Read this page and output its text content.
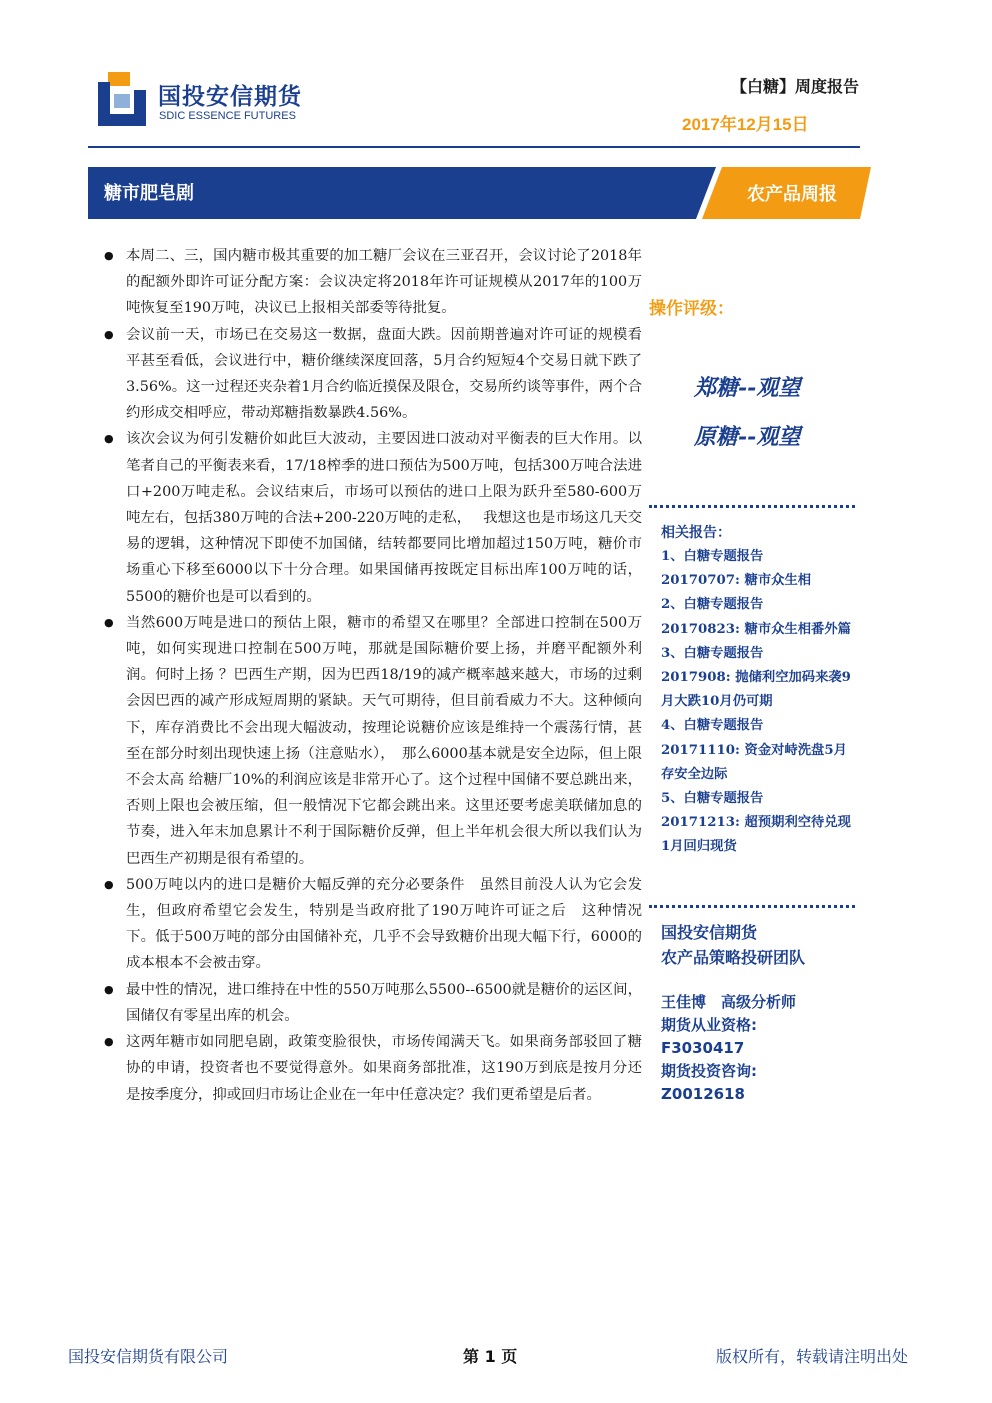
国投安信期货
SDIC ESSENCE FUTURES
【白糖】周度报告
2017年12月15日
糖市肥皂剧	农产品周报
● 本周二、三，国内糖市极其重要的加工糖厂会议在三亚召开，会议讨论了2018年的配额外即许可证分配方案：会议决定将2018年许可证规模从2017年的100万吨恢复至190万吨，决议已上报相关部委等待批复。
● 会议前一天，市场已在交易这一数据，盘面大跌。因前期普遍对许可证的规模看平甚至看低，会议进行中，糖价继续深度回落，5月合约短短4个交易日就下跌了3.56%。这一过程还夹杂着1月合约临近摸保及限仓，交易所约谈等事件，两个合约形成交相呼应，带动郑糖指数暴跌4.56%。
● 该次会议为何引发糖价如此巨大波动，主要因进口波动对平衡表的巨大作用。以笔者自己的平衡表来看，17/18榨季的进口预估为500万吨，包括300万吨合法进口+200万吨走私。会议结束后，市场可以预估的进口上限为跃升至580-600万吨左右，包括380万吨的合法+200-220万吨的走私，　 我想这也是市场这几天交易的逻辑，这种情况下即使不加国储，结转都要同比增加超过150万吨，糖价市场重心下移至6000以下十分合理。如果国储再按既定目标出库100万吨的话，5500的糖价也是可以看到的。
● 当然600万吨是进口的预估上限，糖市的希望又在哪里？全部进口控制在500万吨，如何实现进口控制在500万吨，那就是国际糖价要上扬，并磨平配额外利润。何时上扬 ？巴西生产期，因为巴西18/19的减产概率越来越大，市场的过剩会因巴西的减产形成短周期的紧缺。天气可期待，但目前看威力不大。这种倾向下，库存消费比不会出现大幅波动，按理论说糖价应该是维持一个震荡行情，甚至在部分时刻出现快速上扬（注意贴水），　那么6000基本就是安全边际，但上限不会太高 给糖厂10%的利润应该是非常开心了。这个过程中国储不要总跳出来，否则上限也会被压缩，但一般情况下它都会跳出来。这里还要考虑美联储加息的节奏，进入年末加息累计不利于国际糖价反弹，但上半年机会很大所以我们认为巴西生产初期是很有希望的。
● 500万吨以内的进口是糖价大幅反弹的充分必要条件　虽然目前没人认为它会发生，但政府希望它会发生，特别是当政府批了190万吨许可证之后　这种情况下。低于500万吨的部分由国储补充，几乎不会导致糖价出现大幅下行，6000的成本根本不会被击穿。
● 最中性的情况，进口维持在中性的550万吨那么5500--6500就是糖价的运区间，国储仅有零星出库的机会。
● 这两年糖市如同肥皂剧，政策变脸很快，市场传闻满天飞。如果商务部驳回了糖协的申请，投资者也不要觉得意外。如果商务部批准，这190万到底是按月分还是按季度分，抑或回归市场让企业在一年中任意决定？我们更希望是后者。
操作评级：
郑糖--观望
原糖--观望
相关报告：
1、白糖专题报告
20170707: 糖市众生相
2、白糖专题报告
20170823: 糖市众生相番外篇
3、白糖专题报告
2017908: 抛储利空加码来袭9月大跌10月仍可期
4、白糖专题报告
20171110: 资金对峙洗盘5月存安全边际
5、白糖专题报告
20171213: 超预期利空待兑现 1月回归现货
国投安信期货
农产品策略投研团队
王佳博　高级分析师
期货从业资格:
F3030417
期货投资咨询:
Z0012618
国投安信期货有限公司	第 1 页	版权所有，转载请注明出处
